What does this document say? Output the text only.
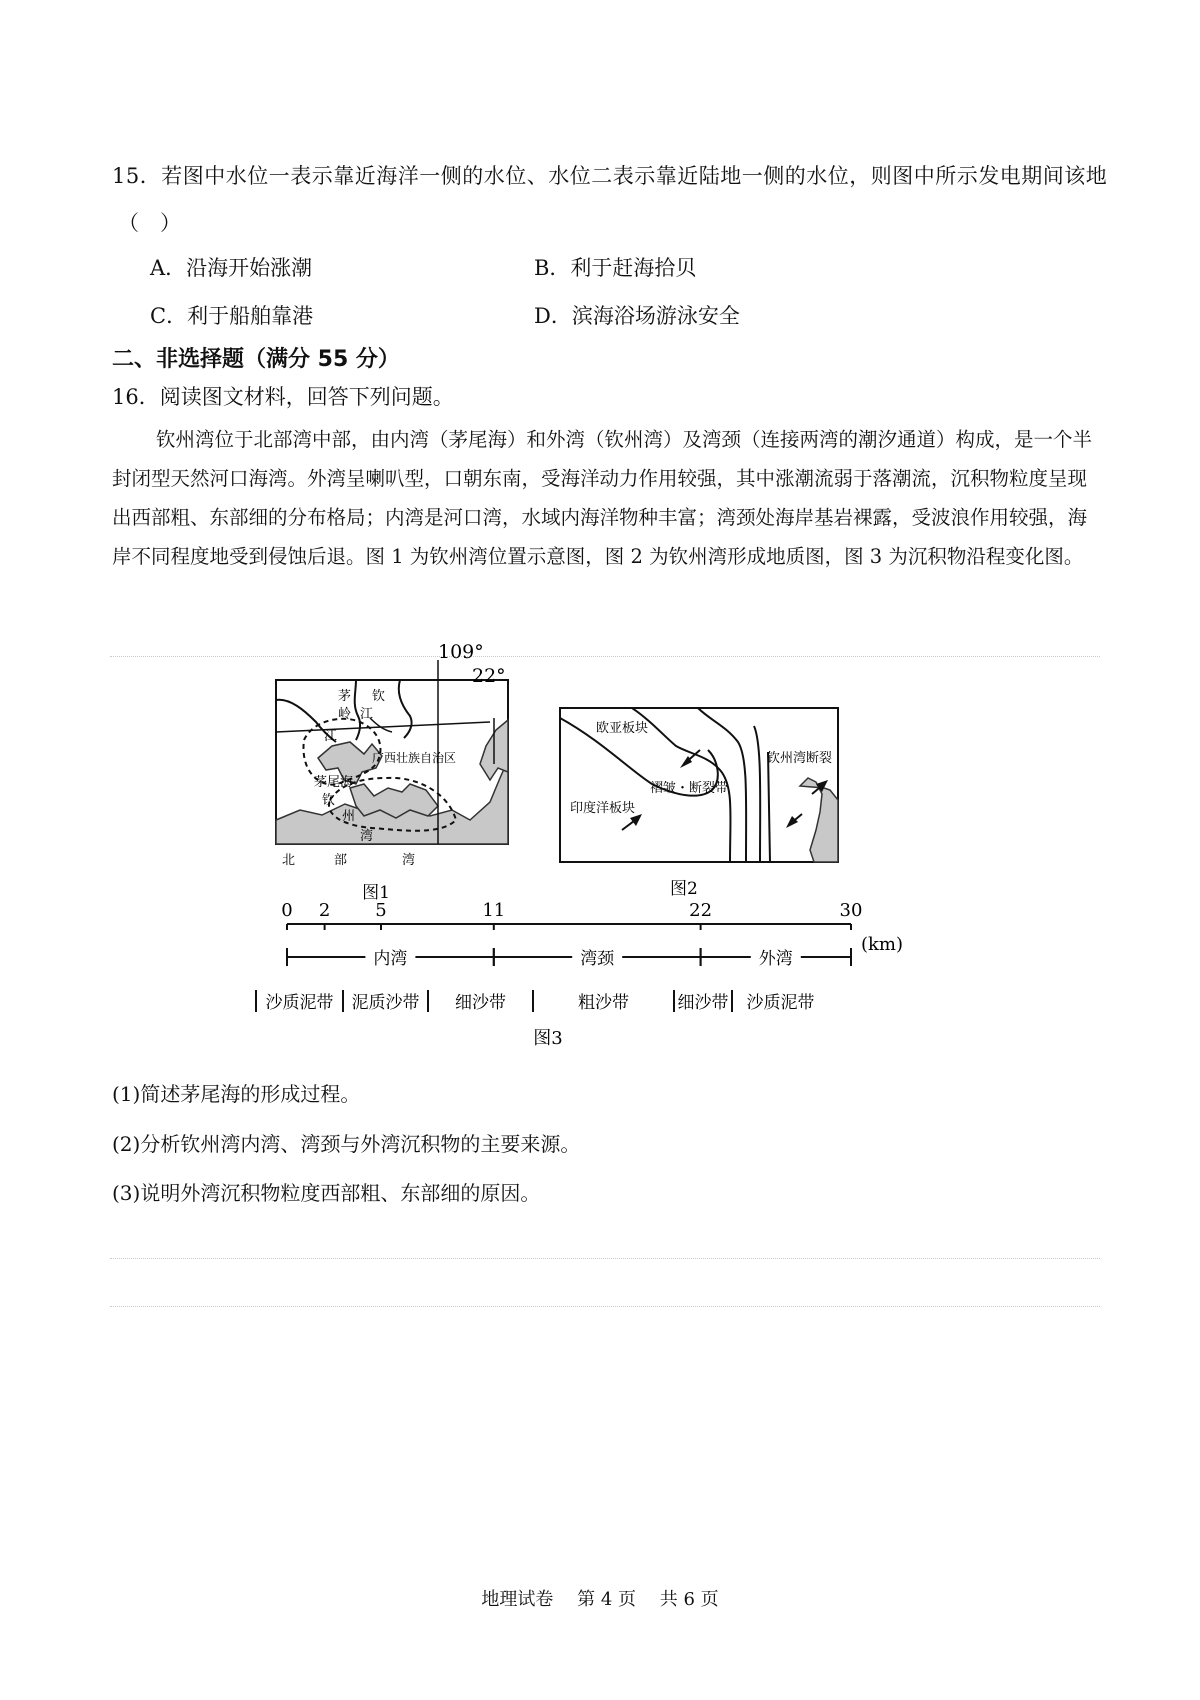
15．若图中水位一表示靠近海洋一侧的水位、水位二表示靠近陆地一侧的水位，则图中所示发电期间该地
（　）
A．沿海开始涨潮	B．利于赶海拾贝
C．利于船舶靠港	D．滨海浴场游泳安全
二、非选择题（满分 55 分）
16．阅读图文材料，回答下列问题。
钦州湾位于北部湾中部，由内湾（茅尾海）和外湾（钦州湾）及湾颈（连接两湾的潮汐通道）构成，是一个半封闭型天然河口海湾。外湾呈喇叭型，口朝东南，受海洋动力作用较强，其中涨潮流弱于落潮流，沉积物粒度呈现出西部粗、东部细的分布格局；内湾是河口湾，水域内海洋物种丰富；湾颈处海岸基岩裸露，受波浪作用较强，海岸不同程度地受到侵蚀后退。图 1 为钦州湾位置示意图，图 2 为钦州湾形成地质图，图 3 为沉积物沿程变化图。
109°
22°
茅 钦
岭 江
江
广西壮族自治区
茅尾海
钦
州
湾
北	部	湾
图1
欧亚板块
钦州湾断裂
褶皱・断裂带
印度洋板块
图2
0 2 5	11	22	30
(km)
内湾	湾颈	外湾
沙质泥带 泥质沙带 细沙带	粗沙带	细沙带 沙质泥带
图3
(1)简述茅尾海的形成过程。
(2)分析钦州湾内湾、湾颈与外湾沉积物的主要来源。
(3)说明外湾沉积物粒度西部粗、东部细的原因。
地理试卷 第 4 页 共 6 页
